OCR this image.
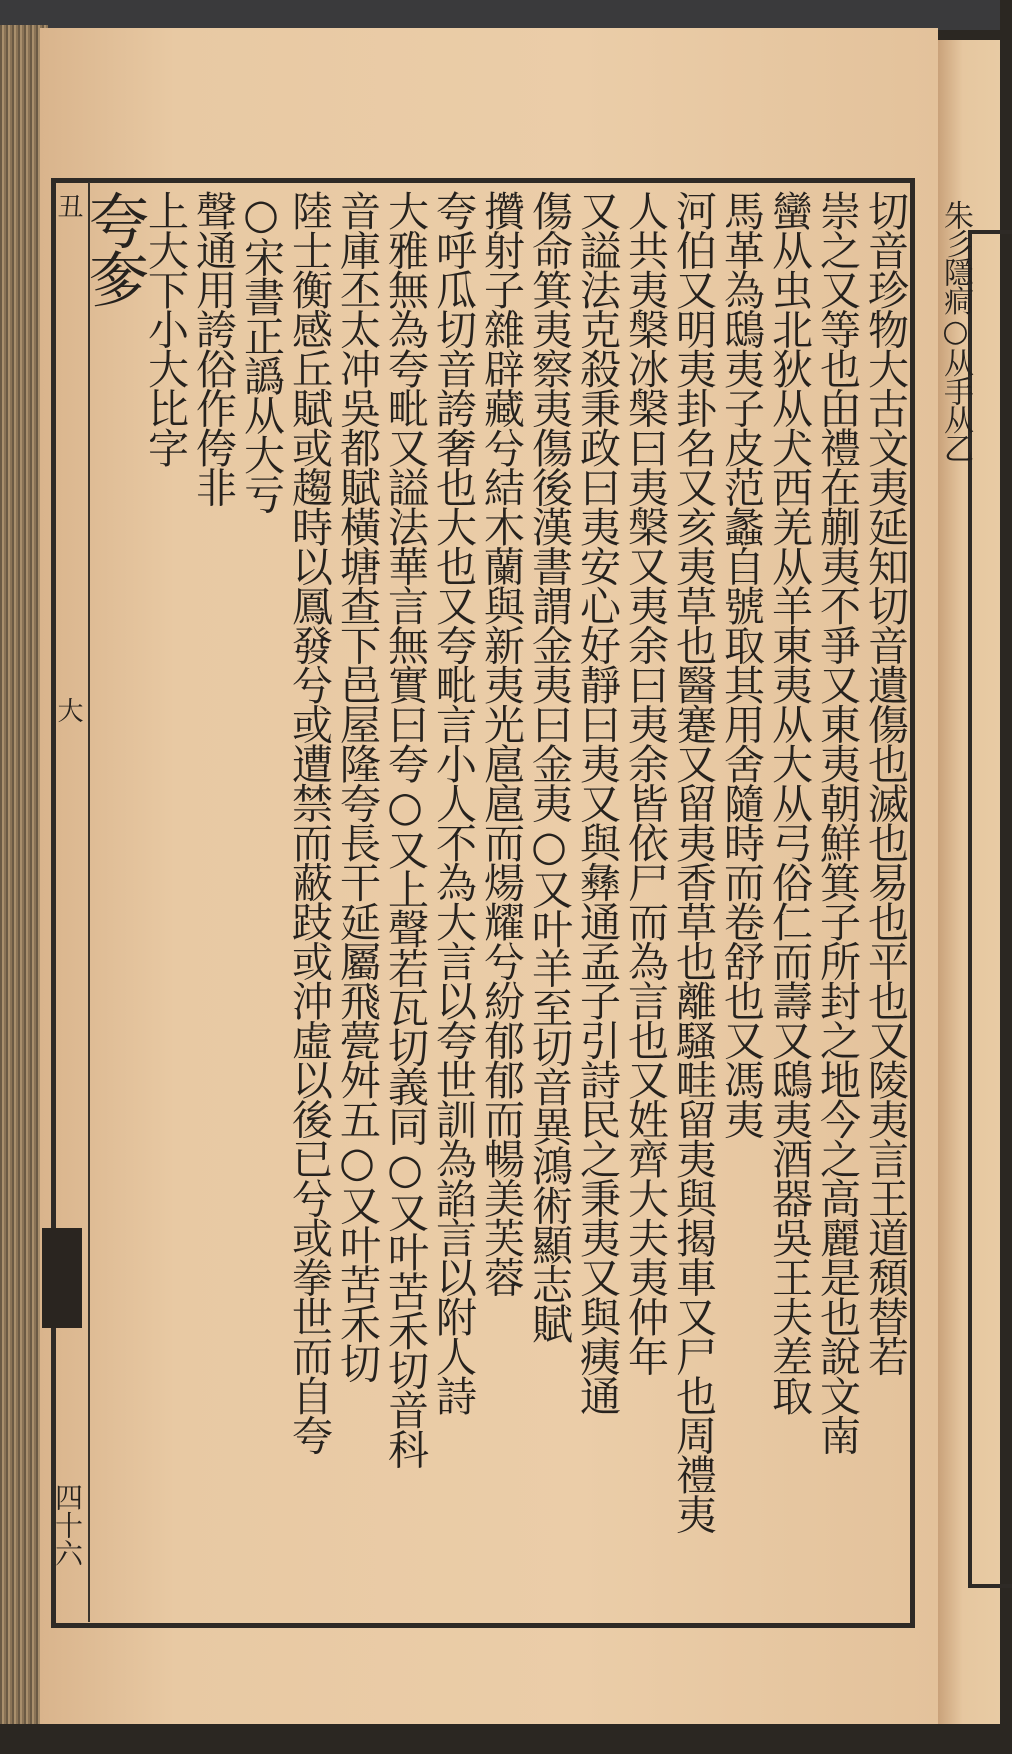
丑
大
四十六
切音珍物大古文夷延知切音遺傷也滅也易也平也又陵夷言王道頹替若
崇之又等也甶禮在蒯夷不爭又東夷朝鮮箕子所封之地今之高麗是也說文南
蠻从虫北狄从犬西羌从羊東夷从大从弓俗仁而壽又鴟夷酒器吳王夫差取
馬革為鴟夷子皮范蠡自號取其用舍隨時而卷舒也又馮夷
河伯又明夷卦名又亥夷草也醫蹇又留夷香草也離騷畦留夷與揭車又尸也周禮夷
人共夷槃冰槃曰夷槃又夷余曰夷余皆依尸而為言也又姓齊大夫夷仲年
又謚法克殺秉政曰夷安心好靜曰夷又與彝通孟子引詩民之秉夷又與痍通
傷命箕夷察夷傷後漢書謂金夷曰金夷○又叶羊至切音異鴻術顯志賦
攢射子雜辟藏兮結木蘭與新夷光扈扈而煬耀兮紛郁郁而暢美芙蓉
夸呼瓜切音誇奢也大也又夸毗言小人不為大言以夸世訓為諂言以附人詩
大雅無為夸毗又謚法華言無實曰夸○又上聲若瓦切義同○又叶苦禾切音科
音庫丕太冲吳都賦橫塘查下邑屋隆夸長干延屬飛甍舛五○又叶苦禾切
陸士衡感丘賦或趨時以鳳發兮或遭禁而蔽跂或沖虛以後已兮或拳世而自夸
○宋書正譌从大亏
聲通用誇俗作侉非
上大下小大比字
夸奓	朱彡隱痌○从手从乙
